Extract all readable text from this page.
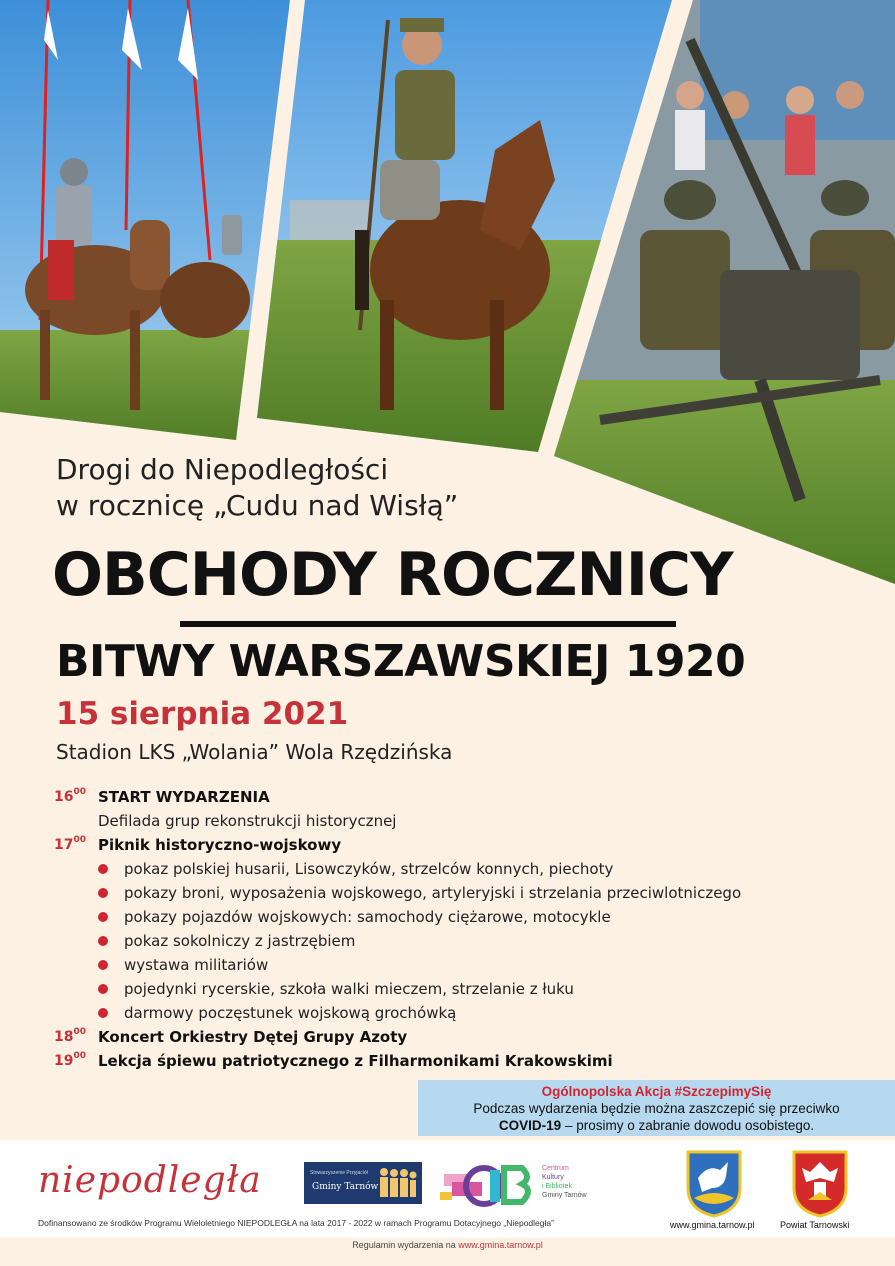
Drogi do Niepodległości
w rocznicę „Cudu nad Wisłą”
OBCHODY ROCZNICY
BITWY WARSZAWSKIEJ 1920
15 sierpnia 2021
Stadion LKS „Wolania” Wola Rzędzińska
$16^{00}$ START WYDARZENIA
Defilada grup rekonstrukcji historycznej
$17^{00}$ Piknik historyczno-wojskowy
pokaz polskiej husarii, Lisowczyków, strzelców konnych, piechoty
pokazy broni, wyposażenia wojskowego, artyleryjski i strzelania przeciwlotniczego
pokazy pojazdów wojskowych: samochody ciężarowe, motocykle
pokaz sokolniczy z jastrzębiem
wystawa militariów
pojedynki rycerskie, szkoła walki mieczem, strzelanie z łuku
darmowy poczęstunek wojskową grochówką
$18^{00}$ Koncert Orkiestry Dętej Grupy Azoty
$19^{00}$ Lekcja śpiewu patriotycznego z Filharmonikami Krakowskimi
Ogólnopolska Akcja #SzczepimySię
Podczas wydarzenia będzie można zaszczepić się przeciwko
COVID-19 – prosimy o zabranie dowodu osobistego.
niepodległa
Dofinansowano ze środków Programu Wieloletniego NIEPODLEGŁA na lata 2017 - 2022 w ramach Programu Dotacyjnego „Niepodległa”
Stowarzyszenie Przyjaciół
Gminy Tarnów
Centrum
Kultury
i Bibliotek
Gminy Tarnów
www.gmina.tarnow.pl	Powiat Tarnowski
Regulamin wydarzenia na www.gmina.tarnow.pl
